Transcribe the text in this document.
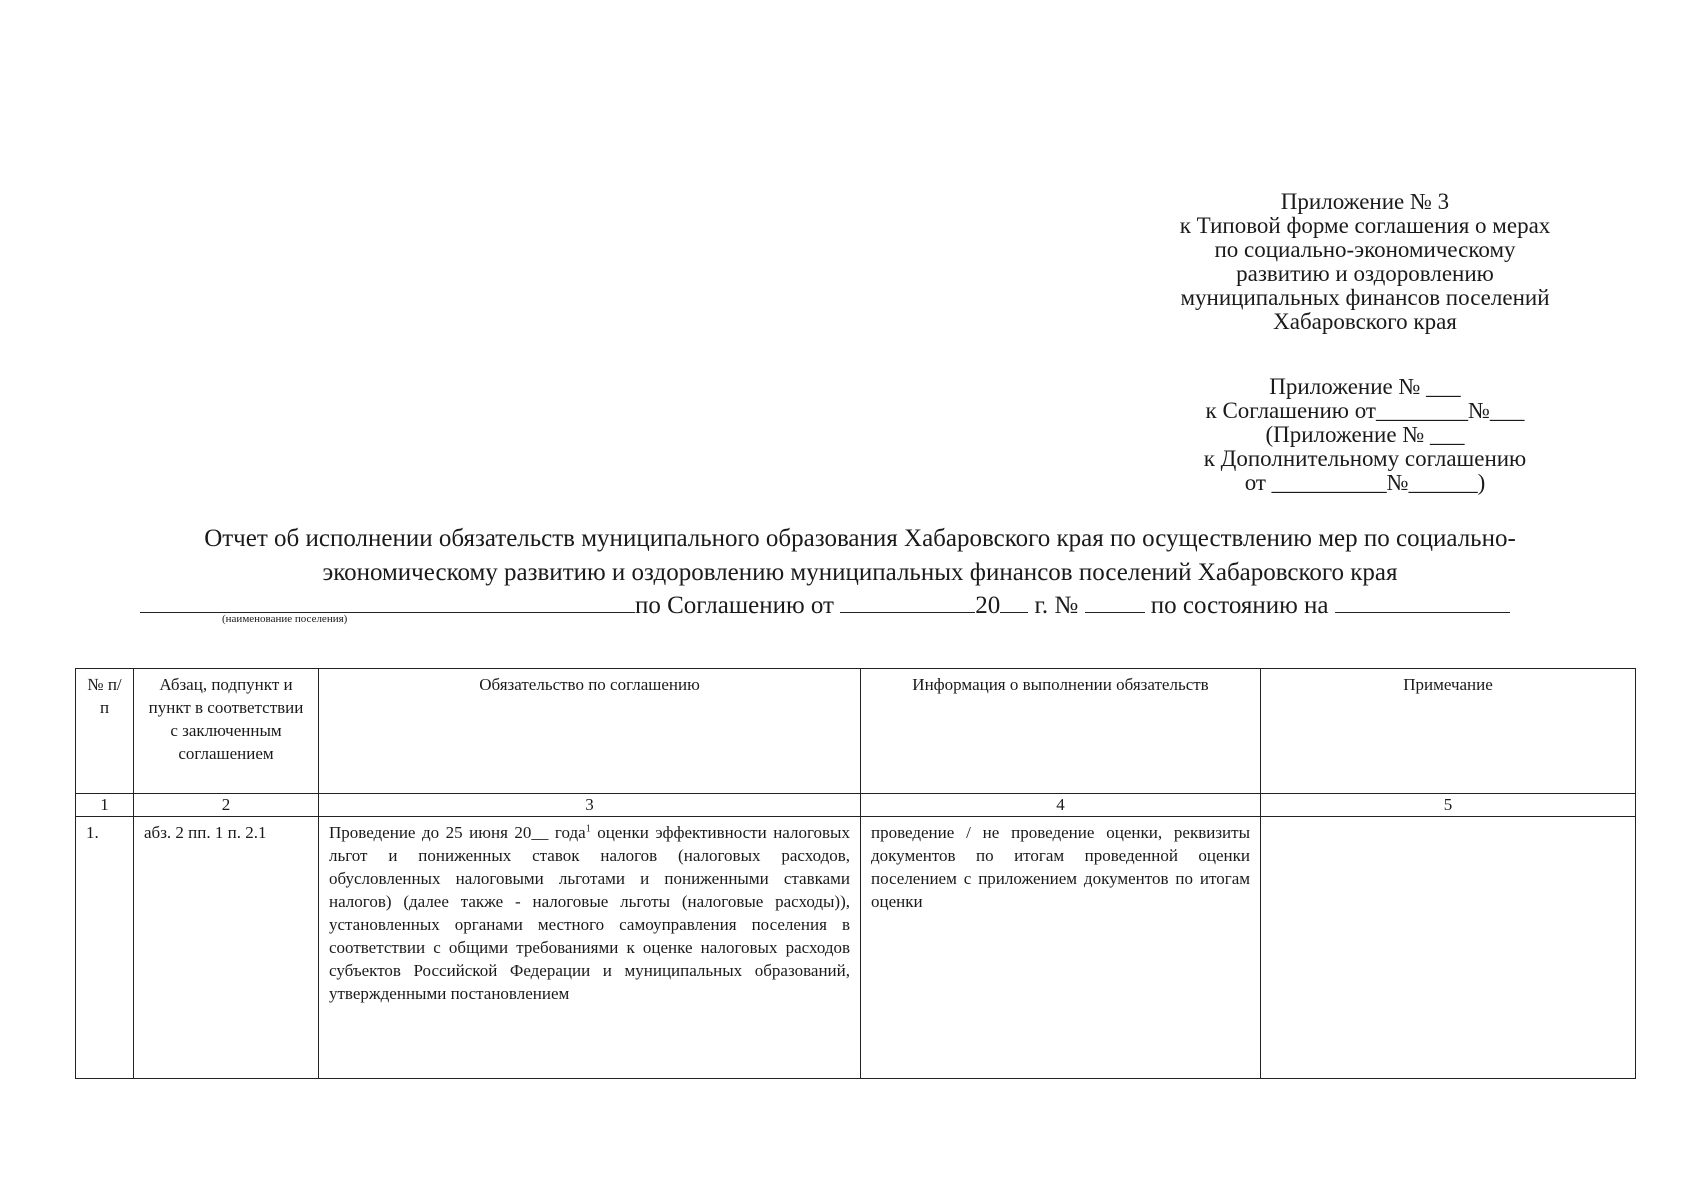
Приложение № 3
к Типовой форме соглашения о мерах
по социально-экономическому
развитию и оздоровлению
муниципальных финансов поселений
Хабаровского края
Приложение № ___
к Соглашению от________№___
(Приложение № ___
к Дополнительному соглашению
от __________№______)
Отчет об исполнении обязательств муниципального образования Хабаровского края по осуществлению мер по социально-
экономическому развитию и оздоровлению муниципальных финансов поселений Хабаровского края
по Соглашению от	20 г. №	по состоянию на
(наименование поселения)
№ п/п	Абзац, подпункт и пункт в соответствии с заключенным соглашением	Обязательство по соглашению	Информация о выполнении обязательств	Примечание
1	2	3	4	5
1.	абз. 2 пп. 1 п. 2.1	Проведение до 25 июня 20__ года$^1$ оценки эффективности налоговых льгот и пониженных ставок налогов (налоговых расходов, обусловленных налоговыми льготами и пониженными ставками налогов) (далее также - налоговые льготы (налоговые расходы)), установленных органами местного самоуправления поселения в соответствии с общими требованиями к оценке налоговых расходов субъектов Российской Федерации и муниципальных образований, утвержденными постановлением	проведение / не проведение оценки, реквизиты документов по итогам проведенной оценки поселением с приложением документов по итогам оценки	
